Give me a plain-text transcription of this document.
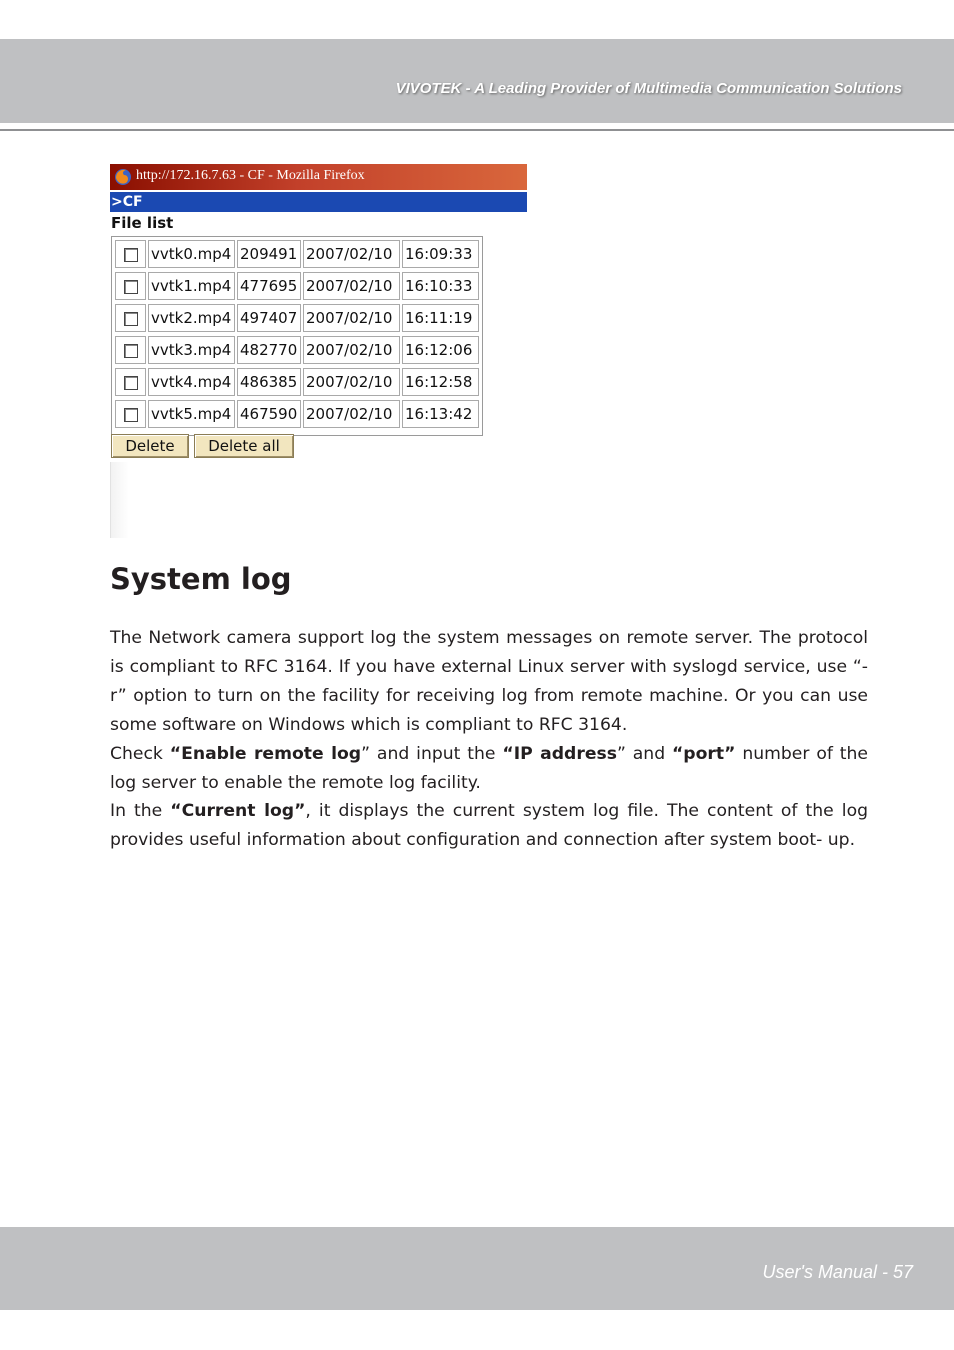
VIVOTEK - A Leading Provider of Multimedia Communication Solutions
http://172.16.7.63 - CF - Mozilla Firefox
>CF
File list
vvtk0.mp4 209491 2007/02/10 16:09:33
vvtk1.mp4 477695 2007/02/10 16:10:33
vvtk2.mp4 497407 2007/02/10 16:11:19
vvtk3.mp4 482770 2007/02/10 16:12:06
vvtk4.mp4 486385 2007/02/10 16:12:58
vvtk5.mp4 467590 2007/02/10 16:13:42
Delete	Delete all
System log

The Network camera support log the system messages on remote server. The protocol is compliant to RFC 3164. If you have external Linux server with syslogd service, use “-r” option to turn on the facility for receiving log from remote machine. Or you can use some software on Windows which is compliant to RFC 3164.

Check “Enable remote log” and input the “IP address” and “port” number of the log server to enable the remote log facility.

In the “Current log”, it displays the current system log file. The content of the log provides useful information about configuration and connection after system boot- up.

User's Manual - 57
